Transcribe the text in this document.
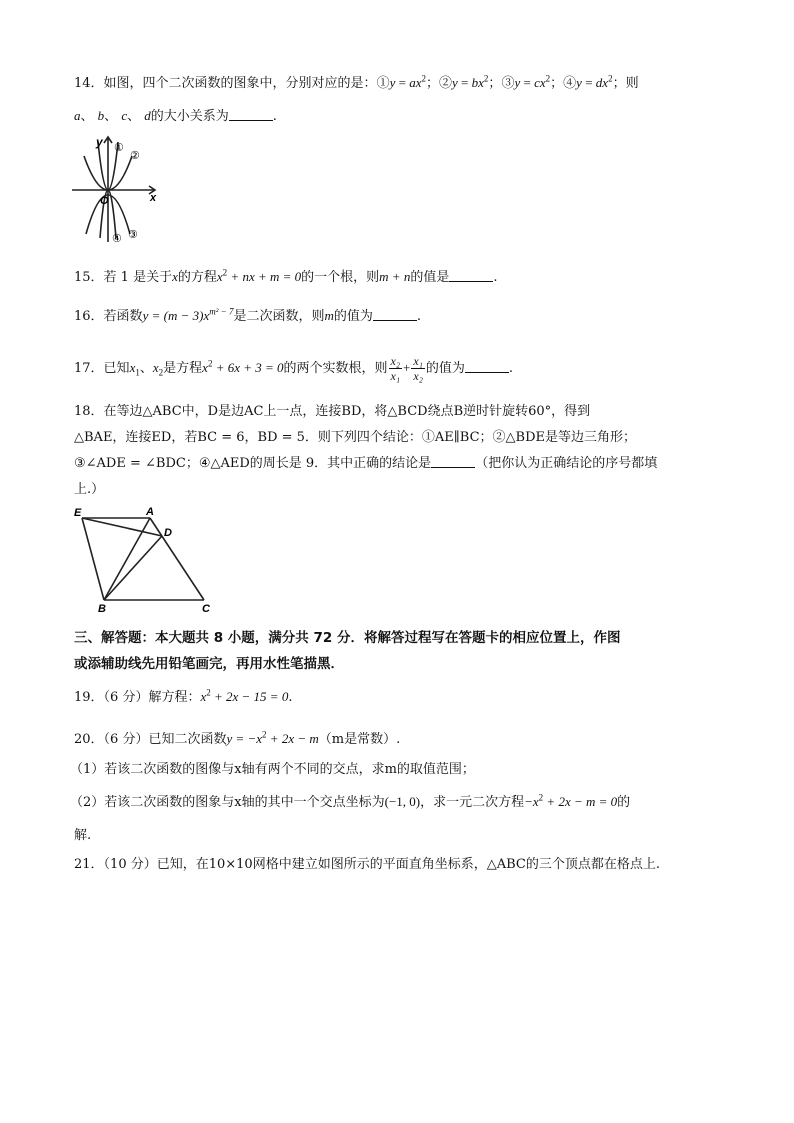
14．如图，四个二次函数的图象中，分别对应的是：①y = $ax^2$；②y = $bx^2$；③y = $cx^2$；④y = $dx^2$；则
a、 b、 c、 d的大小关系为	.
y
x
O
①
②
④ ③
15．若 1 是关于x的方程$x^2$ + nx + m = 0的一个根，则m + n的值是	.
16．若函数$y = (m - 3)x^{m^2 - 7}$是二次函数，则m的值为	.
17．已知$x_1$、$x_2$是方程$x^2 + 6x + 3 = 0$的两个实数根，则 $\frac{\text{x₂}}{\text{x₁}} + \frac{\text{x₁}}{\text{x₂}}$ 的值为	.
18．在等边△ABC中，D是边AC上一点，连接BD，将△BCD绕点B逆时针旋转60°，得到
△BAE，连接ED，若BC = 6，BD = 5．则下列四个结论：①AE∥BC；②△BDE是等边三角形；
③∠ADE = ∠BDC；④△AED的周长是 9．其中正确的结论是	（把你认为正确结论的序号都填
上.）
E	A
D
B	C
三、解答题：本大题共 8 小题，满分共 72 分．将解答过程写在答题卡的相应位置上，作图
或添辅助线先用铅笔画完，再用水性笔描黑．
19．（6 分）解方程：$x^2 + 2x - 15 = 0$.
20．（6 分）已知二次函数$y = -x^2 + 2x - m(m$是常数）.
（1）若该二次函数的图像与x轴有两个不同的交点，求m的取值范围；
（2）若该二次函数的图象与x轴的其中一个交点坐标为(−1, 0)，求一元二次方程$-x^2 + 2x - m = 0$的
解.
21．（10 分）已知，在10×10网格中建立如图所示的平面直角坐标系，△ABC的三个顶点都在格点上.
